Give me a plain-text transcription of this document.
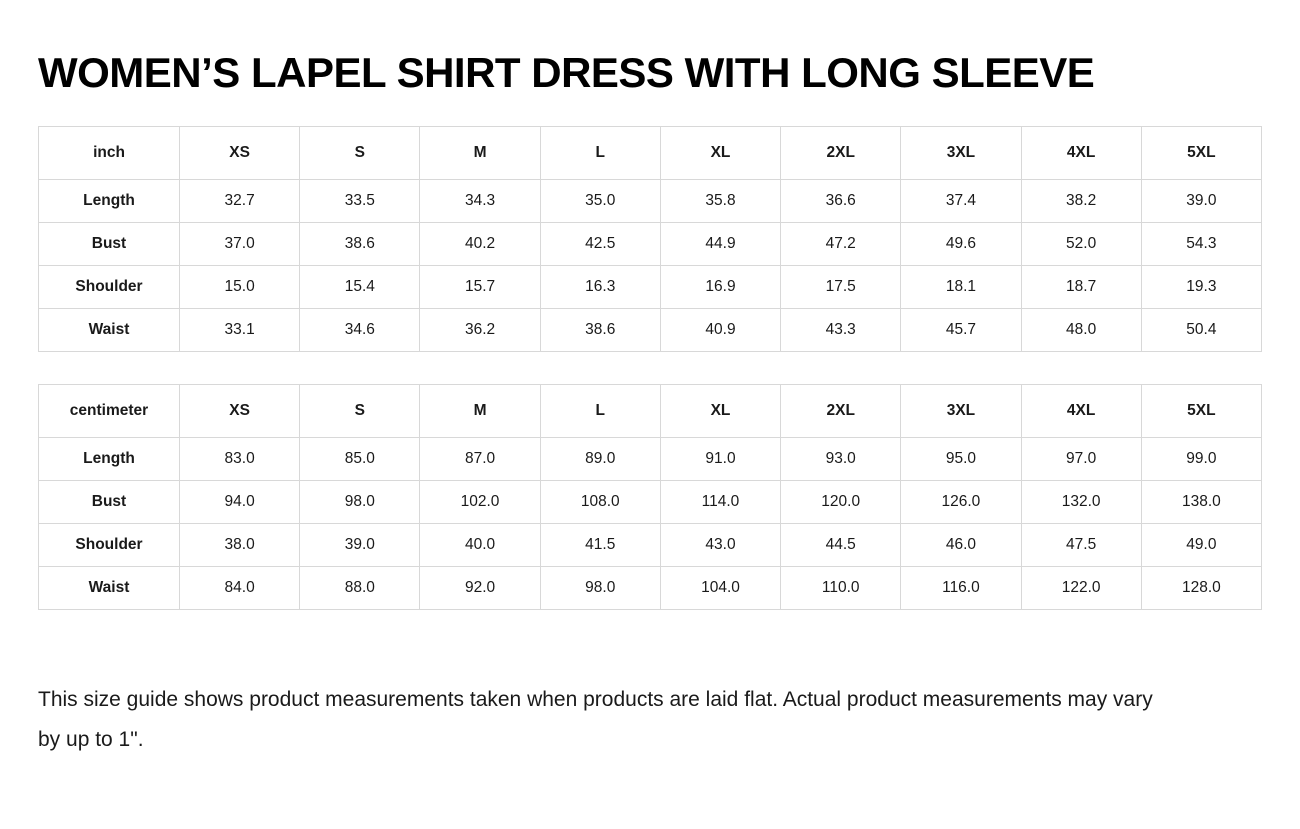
WOMEN’S LAPEL SHIRT DRESS WITH LONG SLEEVE
inch	XS	S	M	L	XL	2XL	3XL	4XL	5XL
Length	32.7	33.5	34.3	35.0	35.8	36.6	37.4	38.2	39.0
Bust	37.0	38.6	40.2	42.5	44.9	47.2	49.6	52.0	54.3
Shoulder	15.0	15.4	15.7	16.3	16.9	17.5	18.1	18.7	19.3
Waist	33.1	34.6	36.2	38.6	40.9	43.3	45.7	48.0	50.4
centimeter	XS	S	M	L	XL	2XL	3XL	4XL	5XL
Length	83.0	85.0	87.0	89.0	91.0	93.0	95.0	97.0	99.0
Bust	94.0	98.0	102.0	108.0	114.0	120.0	126.0	132.0	138.0
Shoulder	38.0	39.0	40.0	41.5	43.0	44.5	46.0	47.5	49.0
Waist	84.0	88.0	92.0	98.0	104.0	110.0	116.0	122.0	128.0

This size guide shows product measurements taken when products are laid flat. Actual product measurements may vary by up to 1".
